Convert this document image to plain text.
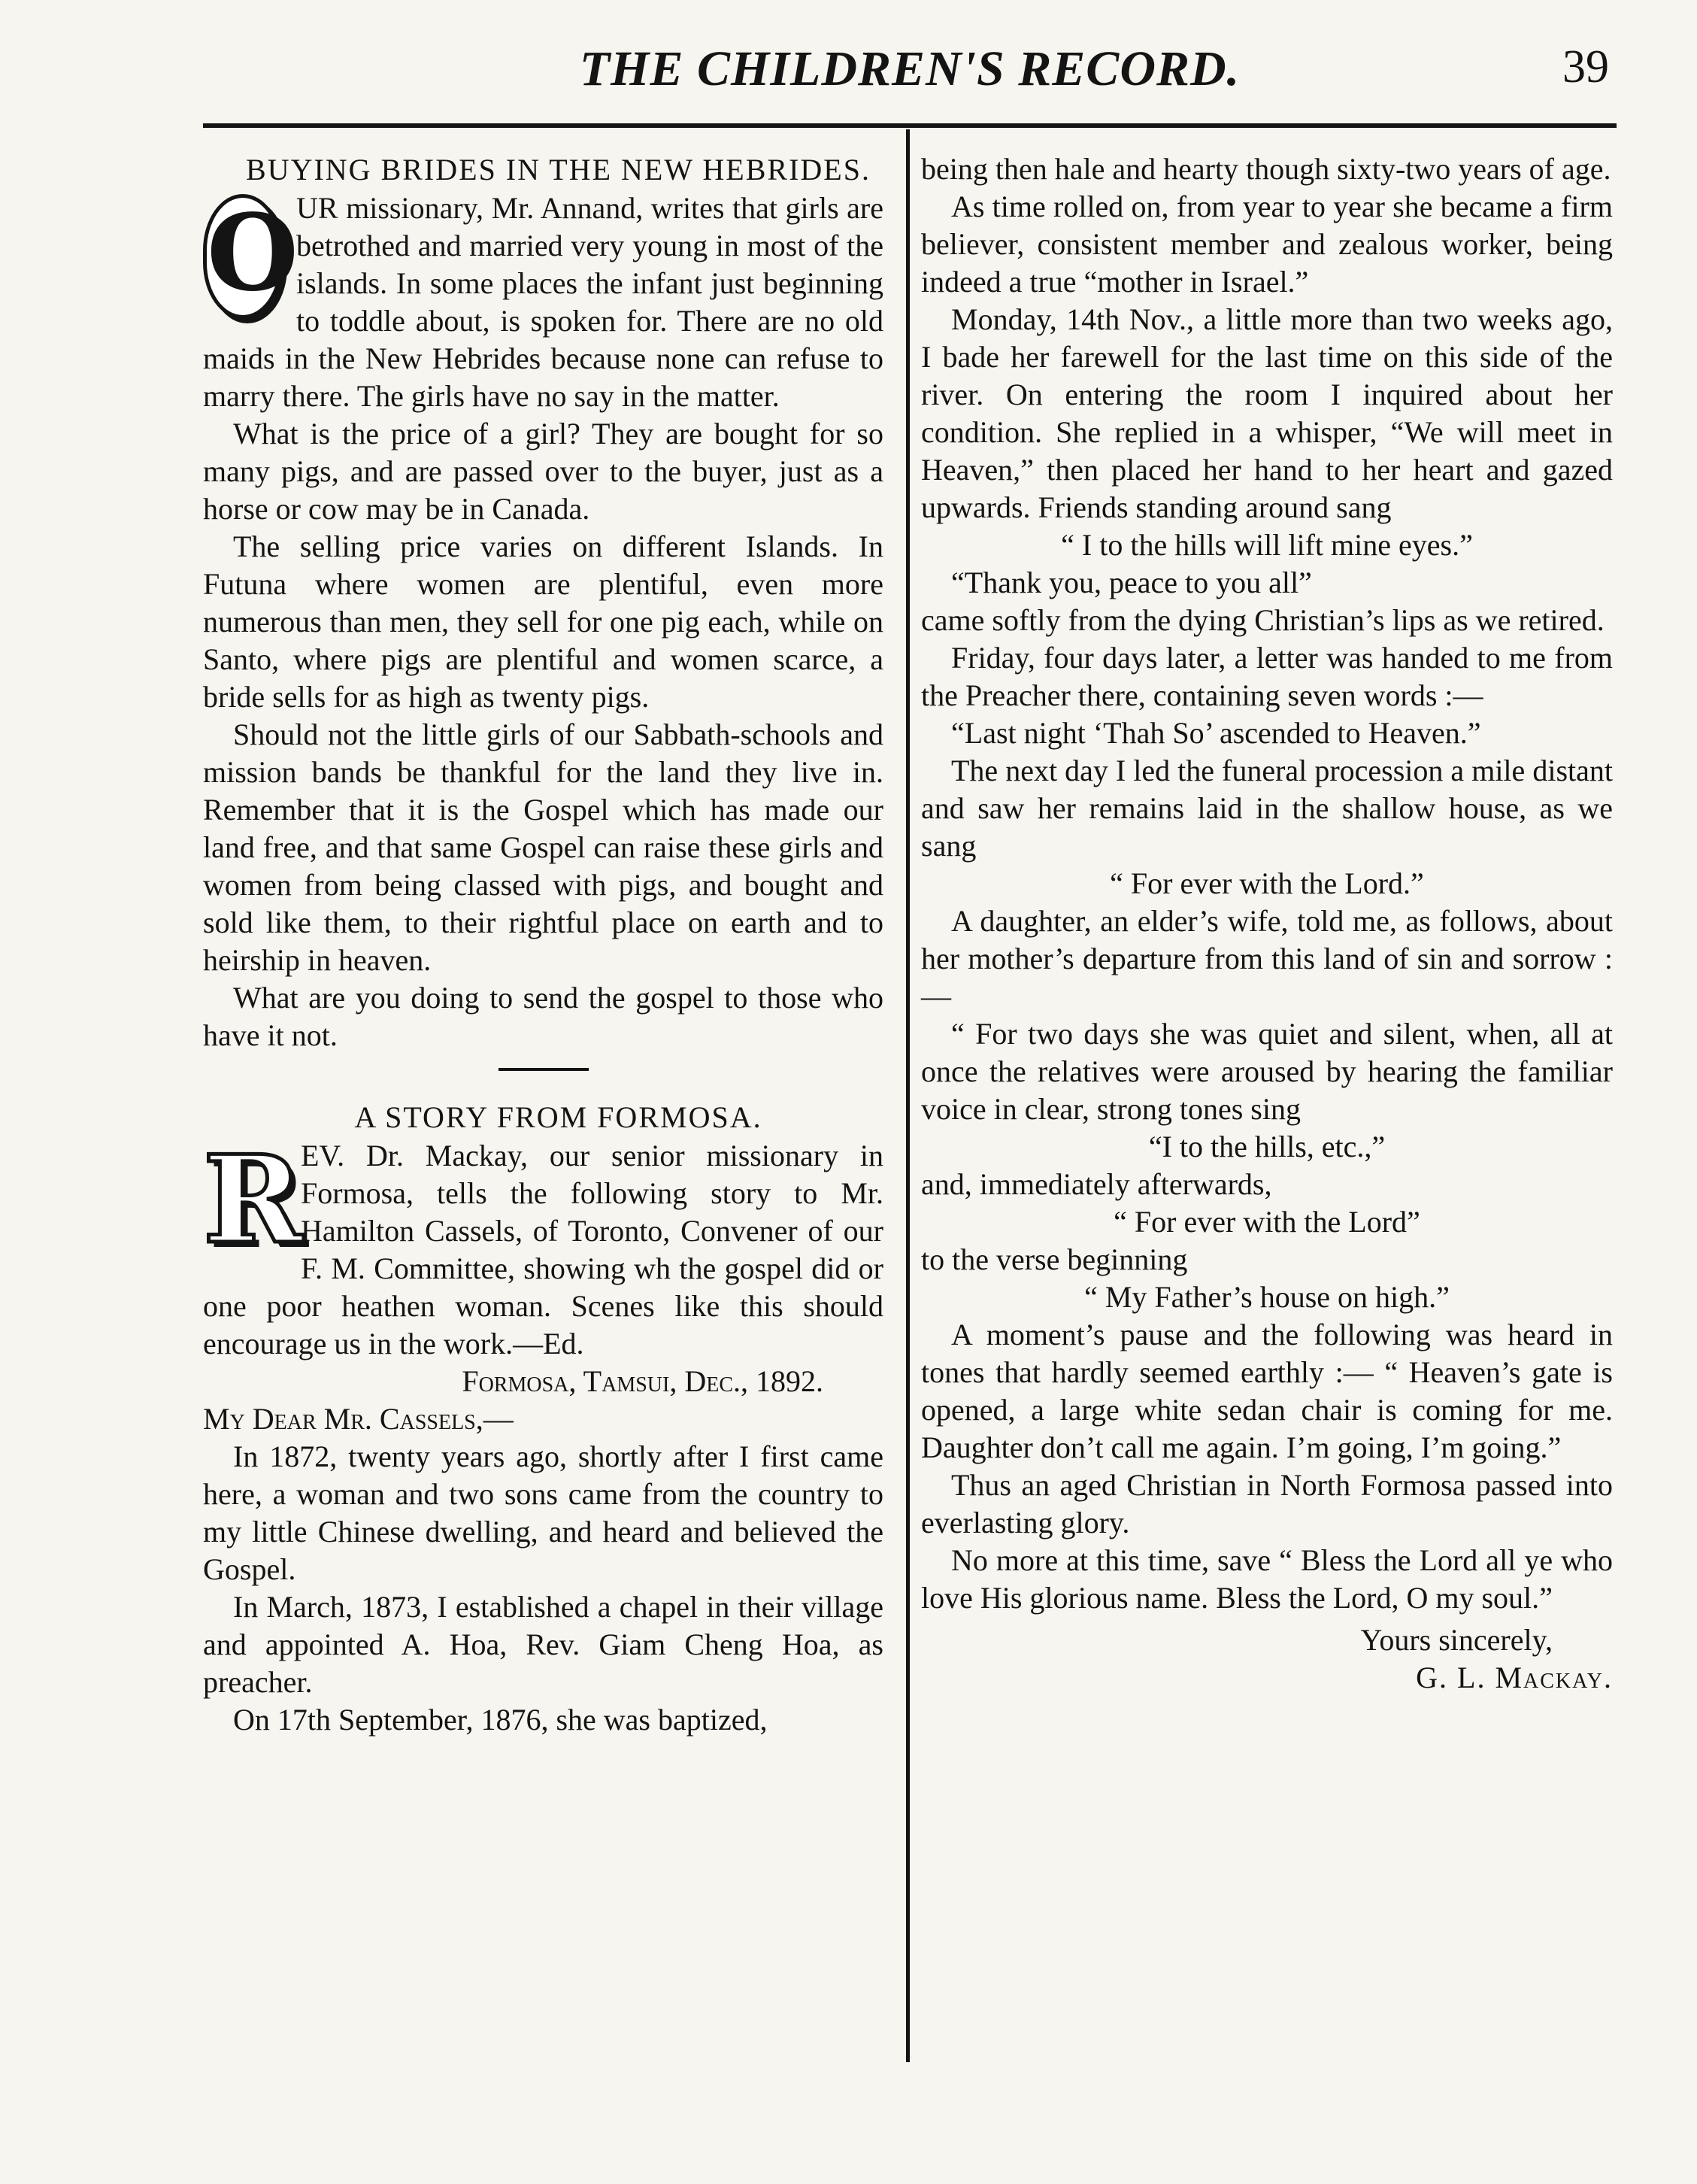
THE CHILDREN'S RECORD.	39

BUYING BRIDES IN THE NEW HEBRIDES.

O
UR missionary, Mr. Annand, writes that girls are betrothed and married very young in most of the islands. In some places the infant just beginning to toddle about, is spoken for. There are no old maids in the New Hebrides because none can refuse to marry there. The girls have no say in the matter.

What is the price of a girl? They are bought for so many pigs, and are passed over to the buyer, just as a horse or cow may be in Canada.

The selling price varies on different Islands. In Futuna where women are plentiful, even more numerous than men, they sell for one pig each, while on Santo, where pigs are plentiful and women scarce, a bride sells for as high as twenty pigs.

Should not the little girls of our Sabbath-schools and mission bands be thankful for the land they live in. Remember that it is the Gospel which has made our land free, and that same Gospel can raise these girls and women from being classed with pigs, and bought and sold like them, to their rightful place on earth and to heirship in heaven.

What are you doing to send the gospel to those who have it not.

A STORY FROM FORMOSA.

R
EV. Dr. Mackay, our senior missionary in Formosa, tells the following story to Mr. Hamilton Cassels, of Toronto, Convener of our F. M. Committee, showing wh the gospel did or one poor heathen woman. Scenes like this should encourage us in the work.—Ed.

Formosa, Tamsui, Dec., 1892.

My Dear Mr. Cassels,—

In 1872, twenty years ago, shortly after I first came here, a woman and two sons came from the country to my little Chinese dwelling, and heard and believed the Gospel.

In March, 1873, I established a chapel in their village and appointed A. Hoa, Rev. Giam Cheng Hoa, as preacher.

On 17th September, 1876, she was baptized,

being then hale and hearty though sixty-two years of age.

As time rolled on, from year to year she became a firm believer, consistent member and zealous worker, being indeed a true “mother in Israel.”

Monday, 14th Nov., a little more than two weeks ago, I bade her farewell for the last time on this side of the river. On entering the room I inquired about her condition. She replied in a whisper, “We will meet in Heaven,” then placed her hand to her heart and gazed upwards. Friends standing around sang

“ I to the hills will lift mine eyes.”

“Thank you, peace to you all”

came softly from the dying Christian’s lips as we retired.

Friday, four days later, a letter was handed to me from the Preacher there, containing seven words :—

“Last night ‘Thah So’ ascended to Heaven.”

The next day I led the funeral procession a mile distant and saw her remains laid in the shallow house, as we sang

“ For ever with the Lord.”

A daughter, an elder’s wife, told me, as follows, about her mother’s departure from this land of sin and sorrow :—

“ For two days she was quiet and silent, when, all at once the relatives were aroused by hearing the familiar voice in clear, strong tones sing

“I to the hills, etc.,”

and, immediately afterwards,

“ For ever with the Lord”

to the verse beginning

“ My Father’s house on high.”

A moment’s pause and the following was heard in tones that hardly seemed earthly :— “ Heaven’s gate is opened, a large white sedan chair is coming for me. Daughter don’t call me again. I’m going, I’m going.”

Thus an aged Christian in North Formosa passed into everlasting glory.

No more at this time, save “ Bless the Lord all ye who love His glorious name. Bless the Lord, O my soul.”

Yours sincerely,

G. L. Mackay.
